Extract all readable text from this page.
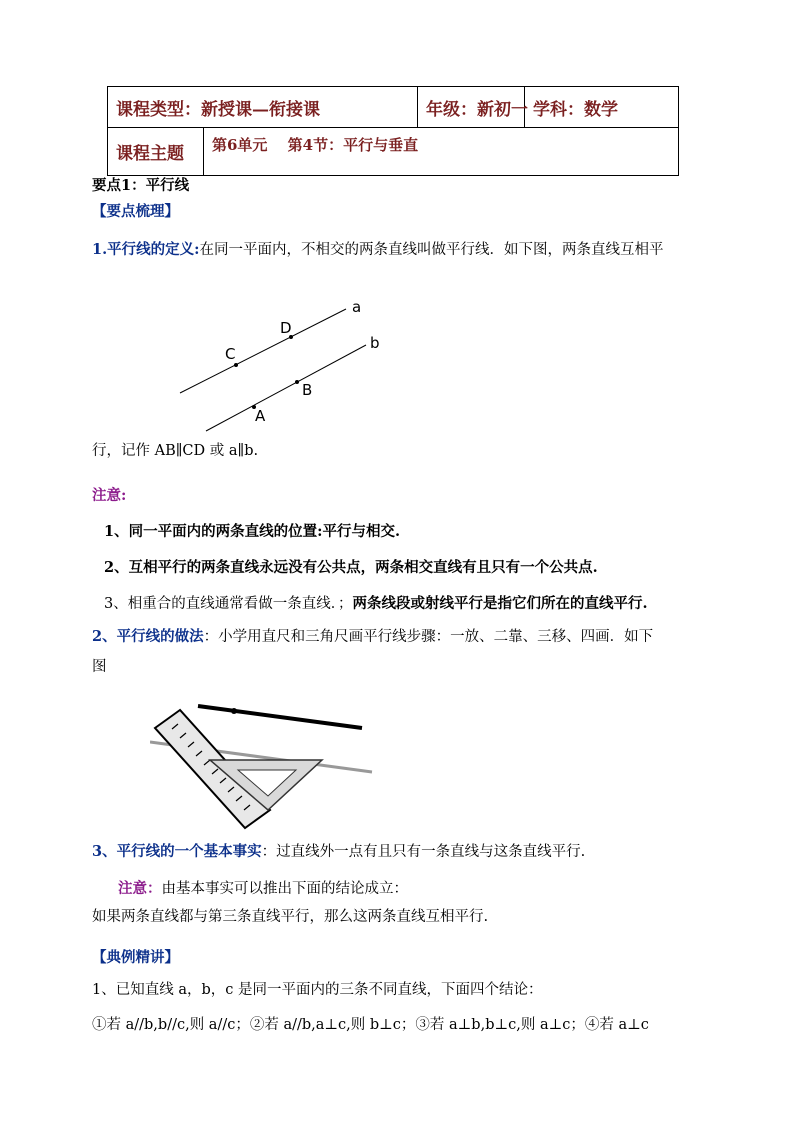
课程类型：新授课—衔接课		年级：新初一	学科：数学
课程主题	第6单元　 第4节：平行与垂直		
要点1：平行线
【要点梳理】
1.平行线的定义:在同一平面内，不相交的两条直线叫做平行线．如下图，两条直线互相平
a
b
C
D
A
B
行，记作 AB∥CD 或 a∥b.
注意:
1、同一平面内的两条直线的位置:平行与相交.
2、互相平行的两条直线永远没有公共点，两条相交直线有且只有一个公共点.
3、相重合的直线通常看做一条直线．；两条线段或射线平行是指它们所在的直线平行.
2、平行线的做法：小学用直尺和三角尺画平行线步骤：一放、二靠、三移、四画．如下
图
3、平行线的一个基本事实：过直线外一点有且只有一条直线与这条直线平行.
注意：由基本事实可以推出下面的结论成立：
如果两条直线都与第三条直线平行，那么这两条直线互相平行.
【典例精讲】
1、已知直线 a，b，c 是同一平面内的三条不同直线，下面四个结论：
①若 a//b,b//c,则 a//c；②若 a//b,a⊥c,则 b⊥c；③若 a⊥b,b⊥c,则 a⊥c；④若 a⊥c
